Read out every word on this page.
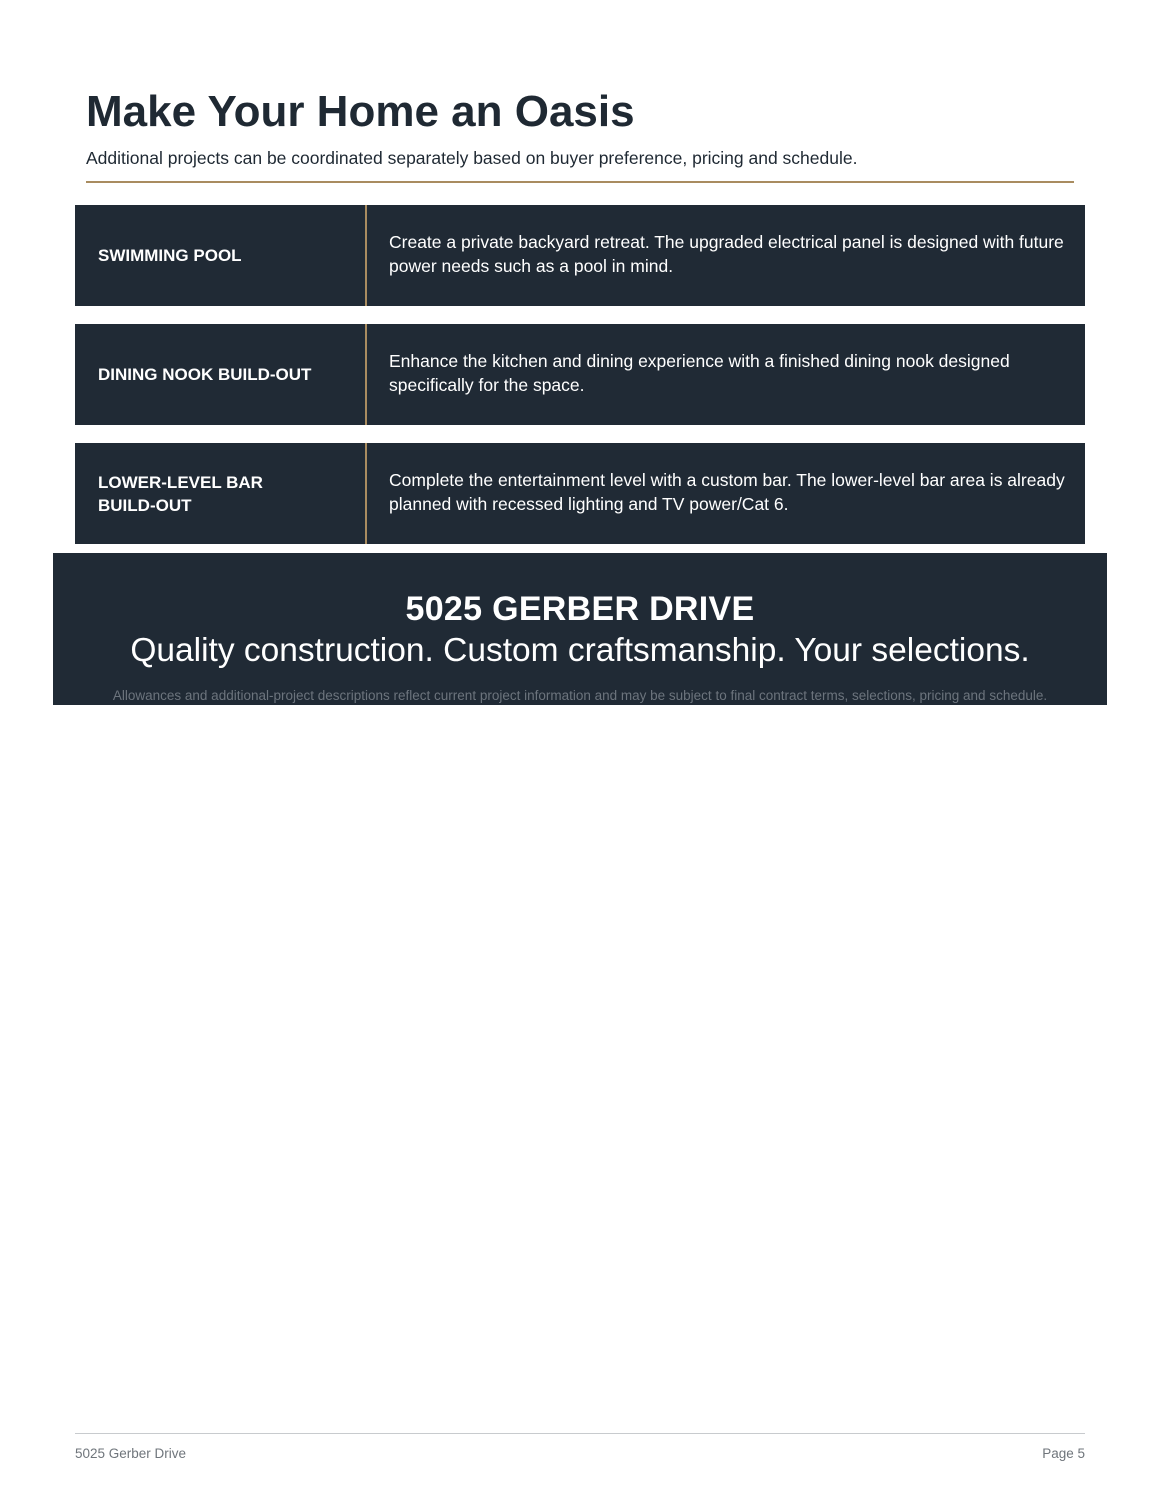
Make Your Home an Oasis

Additional projects can be coordinated separately based on buyer preference, pricing and schedule.

SWIMMING POOL
Create a private backyard retreat. The upgraded electrical panel is designed with future power needs such as a pool in mind.
DINING NOOK BUILD-OUT
Enhance the kitchen and dining experience with a finished dining nook designed specifically for the space.
LOWER-LEVEL BAR BUILD-OUT
Complete the entertainment level with a custom bar. The lower-level bar area is already planned with recessed lighting and TV power/Cat 6.
5025 GERBER DRIVE
Quality construction. Custom craftsmanship. Your selections.
Allowances and additional-project descriptions reflect current project information and may be subject to final contract terms, selections, pricing and schedule.
5025 Gerber Drive	Page 5
